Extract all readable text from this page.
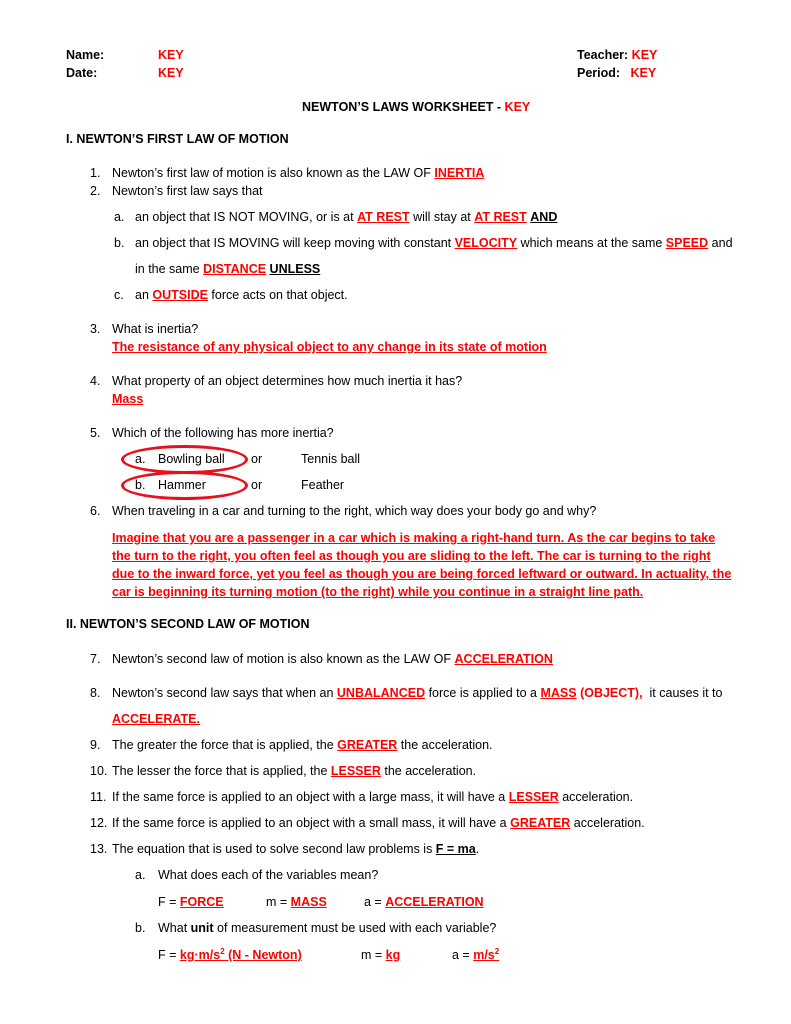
Name:	KEY
Date:	KEY
Teacher: KEY
Period: KEY
NEWTON’S LAWS WORKSHEET - KEY
I. NEWTON’S FIRST LAW OF MOTION
1. Newton’s first law of motion is also known as the LAW OF INERTIA
2. Newton’s first law says that
a. an object that IS NOT MOVING, or is at AT REST will stay at AT REST AND
b. an object that IS MOVING will keep moving with constant VELOCITY which means at the same SPEED and
in the same DISTANCE UNLESS
c. an OUTSIDE force acts on that object.
3. What is inertia?
The resistance of any physical object to any change in its state of motion
4. What property of an object determines how much inertia it has?
Mass
5. Which of the following has more inertia?
a. Bowling ball or	Tennis ball
b. Hammer	or	Feather
6. When traveling in a car and turning to the right, which way does your body go and why?
Imagine that you are a passenger in a car which is making a right-hand turn. As the car begins to take the turn to the right, you often feel as though you are sliding to the left. The car is turning to the right due to the inward force, yet you feel as though you are being forced leftward or outward. In actuality, the car is beginning its turning motion (to the right) while you continue in a straight line path.
II. NEWTON’S SECOND LAW OF MOTION
7. Newton’s second law of motion is also known as the LAW OF ACCELERATION
8. Newton’s second law says that when an UNBALANCED force is applied to a MASS (OBJECT),  it causes it to
ACCELERATE.
9. The greater the force that is applied, the GREATER the acceleration.
10. The lesser the force that is applied, the LESSER the acceleration.
11. If the same force is applied to an object with a large mass, it will have a LESSER acceleration.
12. If the same force is applied to an object with a small mass, it will have a GREATER acceleration.
13. The equation that is used to solve second law problems is F = ma.
a. What does each of the variables mean?
F = FORCE	m = MASS	a = ACCELERATION
b. What unit of measurement must be used with each variable?
$F = kg\cdot m/s^2$ (N - Newton)	m = kg	$a = m/s^2$
